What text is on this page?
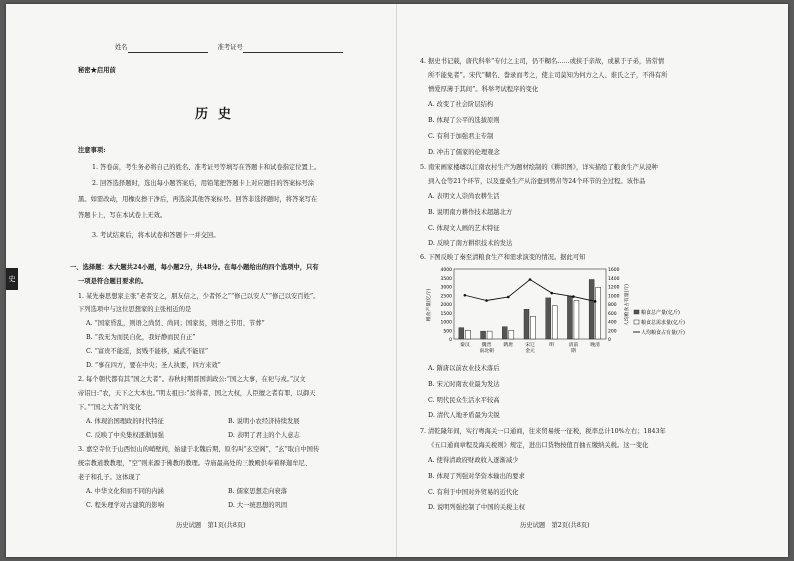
史
姓名	准考证号
秘密★启用前
历史
注意事项:
1. 答卷前，考生务必将自己的姓名、准考证号等填写在答题卡和试卷指定位置上。
2. 回答选择题时，选出每小题答案后，用铅笔把答题卡上对应题目的答案标号涂
黑。如需改动，用橡皮擦干净后，再选涂其他答案标号。回答非选择题时，将答案写在
答题卡上，写在本试卷上无效。
3. 考试结束后，将本试卷和答题卡一并交回。
一、选择题：本大题共24小题，每小题2分，共48分。在每小题给出的四个选项中，只有
一项是符合题目要求的。
1. 某先秦思想家主张“老者安之，朋友信之，少者怀之”“修己以安人”“修己以安百姓”。
下列选项中与这位思想家的主张相近的是
A. “国家昏乱，则语之尚贤、尚同；国家贫，则语之节用、节葬”
B. “我无为而民自化，我好静而民自正”
C. “富贵不能淫，贫贱不能移，威武不能屈”
D. “事在四方，要在中央；圣人执要，四方来效”
2. 每个朝代都有其“国之大者”。春秋时期晋国训政公:“国之大事，在祀与戎。”汉文
帝诏曰:“农，天下之大本也。”明太祖曰:“贫得者，国之大权，人臣擅之者有罪，以御天
下。”“国之大者”的变化
A. 体现治国理政的时代特征	B. 说明小农经济持续发展
C. 反映了中央集权逐渐加强	D. 表明了君主的个人意志
3. 嘉空寺位于山西恒山的峭壁间，始建于北魏后期，原名叫“玄空阁”，“玄”取自中国传
统宗教道教教理，“空”则来源于佛教的教理。寺庙最高处的三教殿供奉着释迦牟尼、
老子和孔子。这体现了
A. 中华文化和而不同的内涵	B. 儒家思想走向衰落
C. 程朱理学对古建筑的影响	D. 大一统思想的巩固
历史试题　第1页(共8页)
4. 据史书记载，唐代科举“专付之主司，仍不糊名……或挟于亲故，或累于子弟，皆常情
所不能免者”。宋代“糊名、誊录而考之，使主司莫知为何方之人、谁氏之子，不得有所
憎爱厚薄于其间”。科举考试程序的变化
A. 改变了社会阶层结构
B. 体现了公平的选拔原则
C. 有利于加强君主专制
D. 冲击了儒家的伦理观念
5. 南宋画家楼璹以江南农村生产为题材绘制的《耕织图》，详实描绘了粮食生产从浸种
到入仓等21个环节，以及蚕桑生产从浴蚕到剪帛等24个环节的全过程。该作品
A. 表明文人崇尚农耕生活
B. 说明南方耕作技术超越北方
C. 体现文人画的艺术特征
D. 反映了南方耕织技术的发达
6. 下图反映了秦至清粮食生产和需求演变的情况。据此可知
0
500
1000
1500
2000
2500
3000
3500
4000
0
200
400
600
800
1000
1200
1400
1600
秦汉	魏晋
南北朝
隋唐	宋辽
金元
明	清前
期
晚清
粮食产量(亿斤)	人均粮食占有量(斤) 粮食总产量(亿斤)
粮食总需求量(亿斤)
人均粮食占有量(斤)
A. 隋唐以前农业技术落后
B. 宋元时南农业最为发达
C. 明代民众生活水平较高
D. 清代人地矛盾最为尖锐
7. 清乾隆年间，实行粤海关一口通商，往来贸易统一征税，税率总计10%左右；1843年
《五口通商章程及海关税则》规定，进出口货物按值百抽五缴纳关税。这一变化
A. 使得清政府财政收入逐渐减少
B. 体现了列强对华资本输出的要求
C. 有利于中国对外贸易的近代化
D. 说明列强控制了中国的关税主权
历史试题　第2页(共8页)
